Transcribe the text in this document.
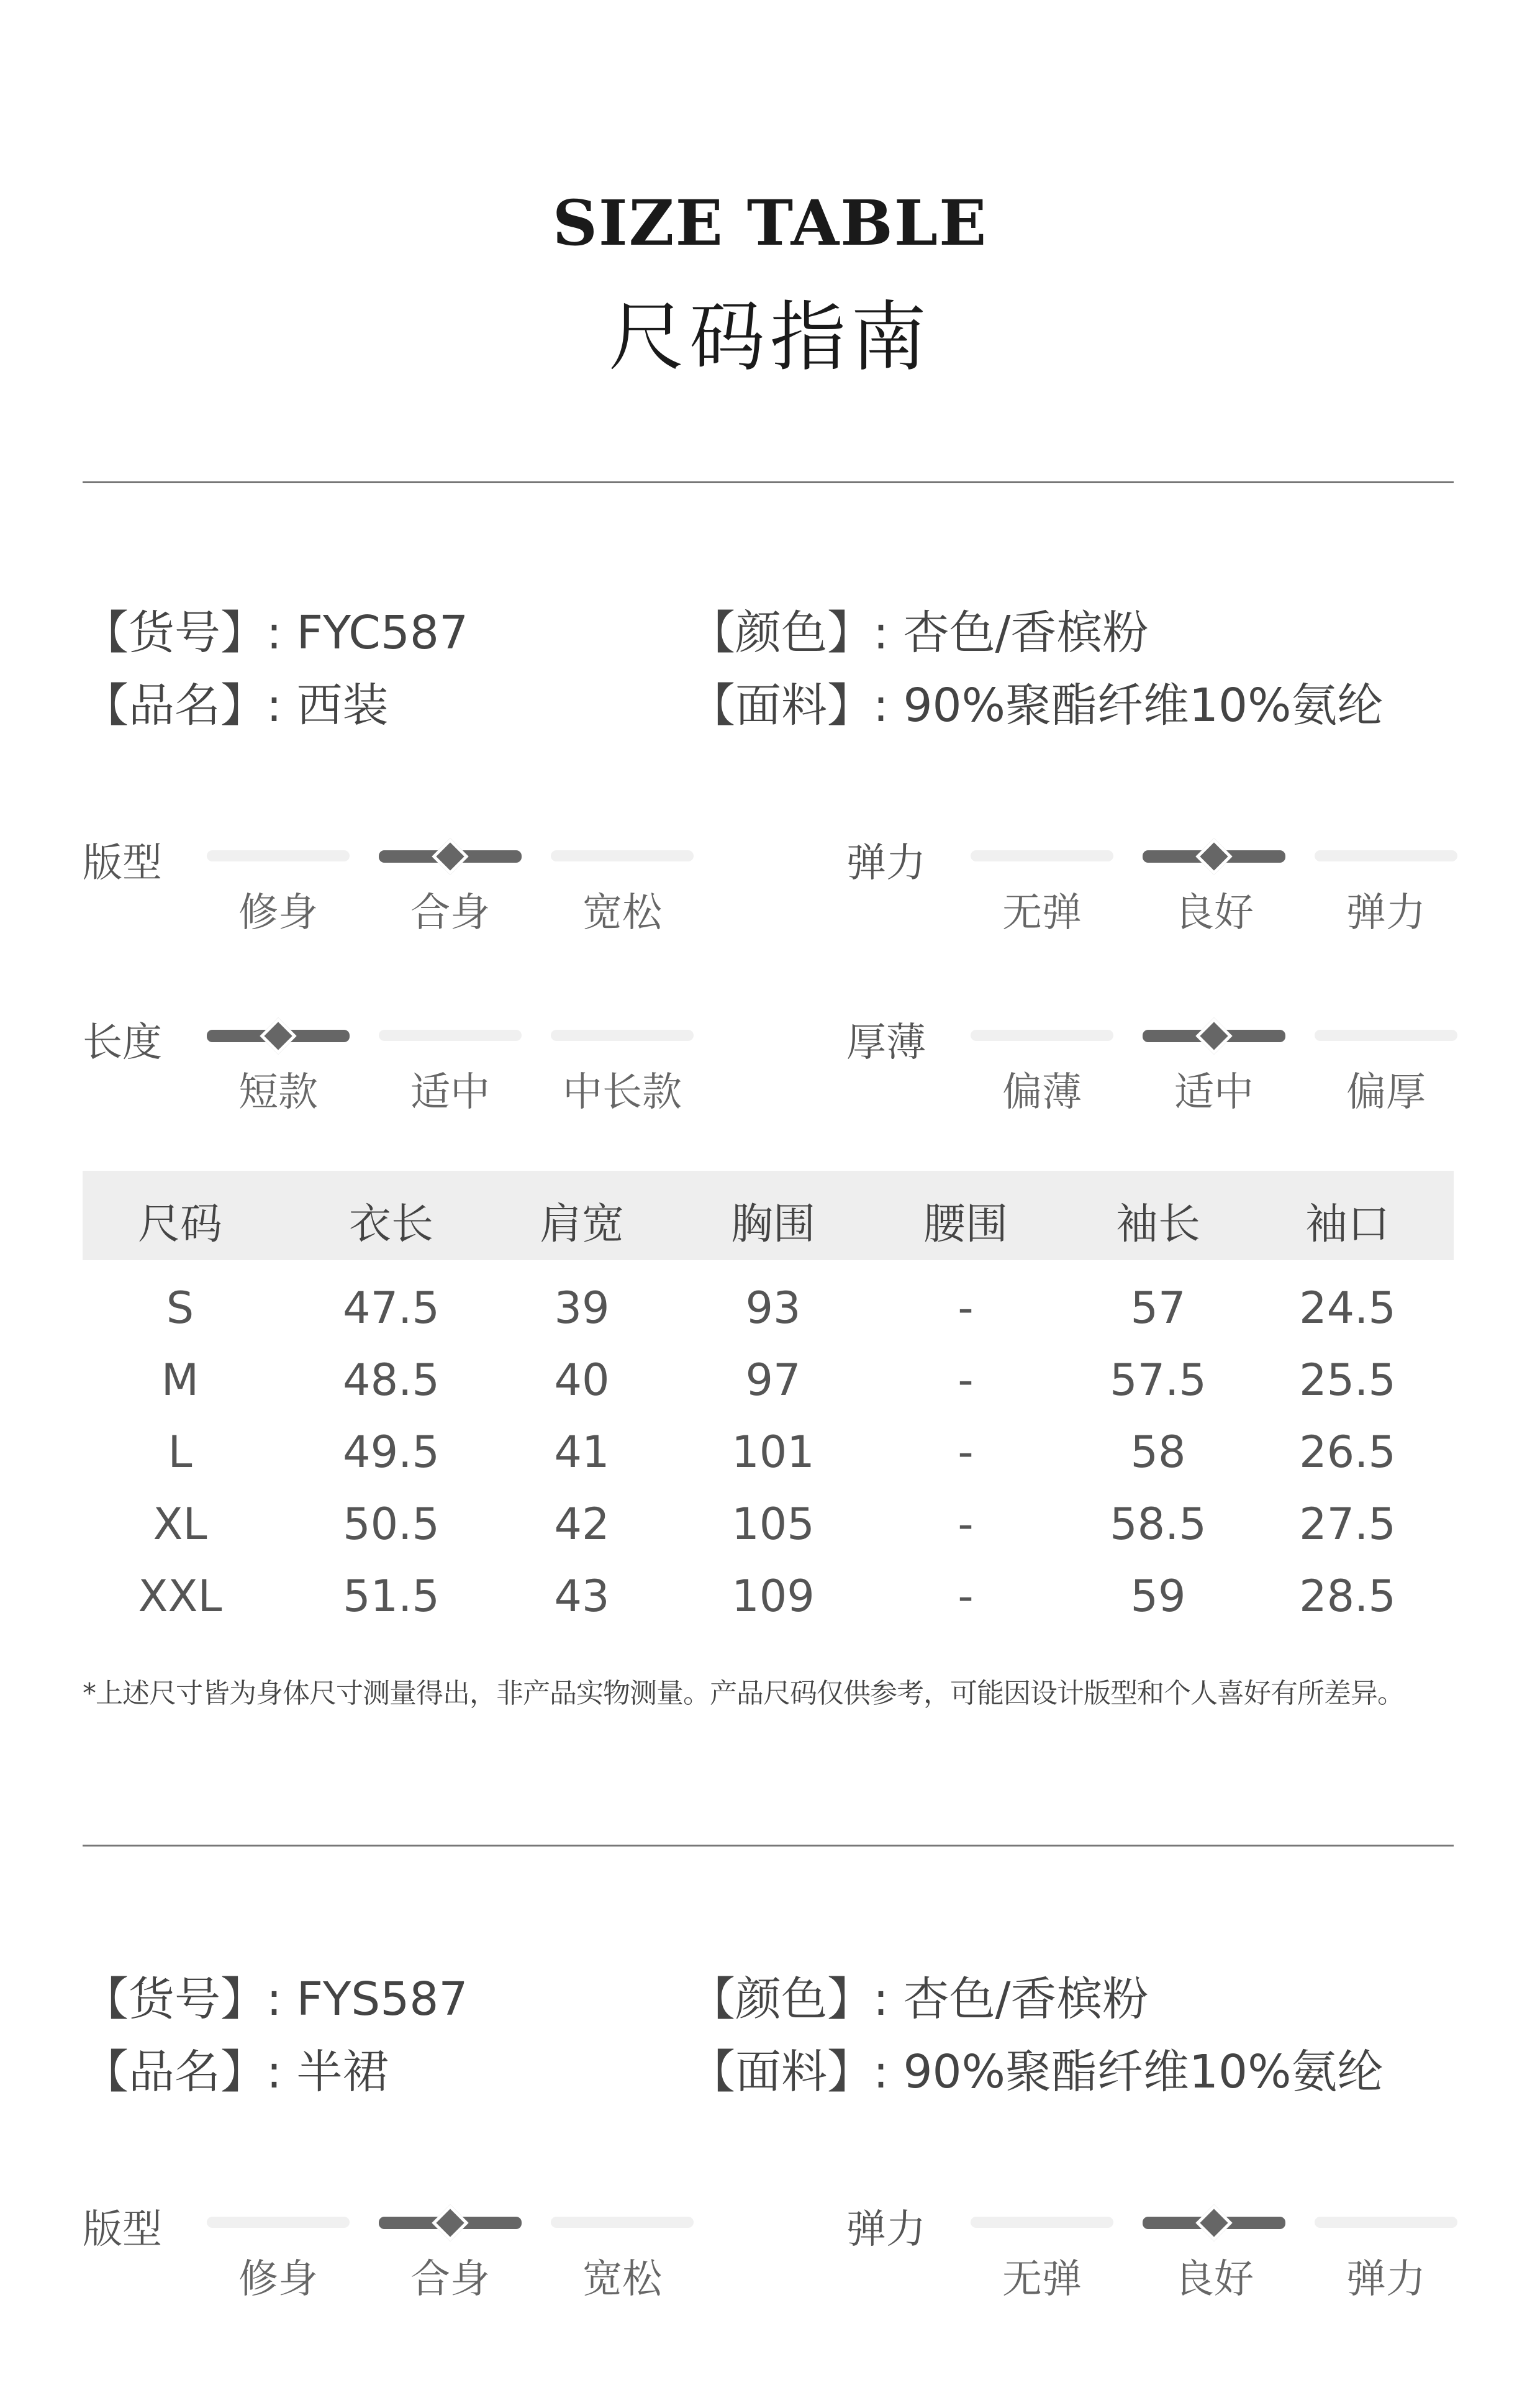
SIZE TABLE
尺码指南
【货号】: FYC587
【品名】: 西装
【颜色】: 杏色/香槟粉
【面料】: 90%聚酯纤维10%氨纶
版型
修身	合身	宽松
弹力
无弹	良好	弹力
长度
短款	适中	中长款
厚薄
偏薄	适中	偏厚
尺码	衣长	肩宽	胸围	腰围	袖长	袖口
S	47.5	39	93	-	57	24.5
M	48.5	40	97	-	57.5	25.5
L	49.5	41	101	-	58	26.5
XL	50.5	42	105	-	58.5	27.5
XXL	51.5	43	109	-	59	28.5
*上述尺寸皆为身体尺寸测量得出，非产品实物测量。产品尺码仅供参考，可能因设计版型和个人喜好有所差异。
【货号】: FYS587
【品名】: 半裙
【颜色】: 杏色/香槟粉
【面料】: 90%聚酯纤维10%氨纶
版型
修身	合身	宽松
弹力
无弹	良好	弹力
